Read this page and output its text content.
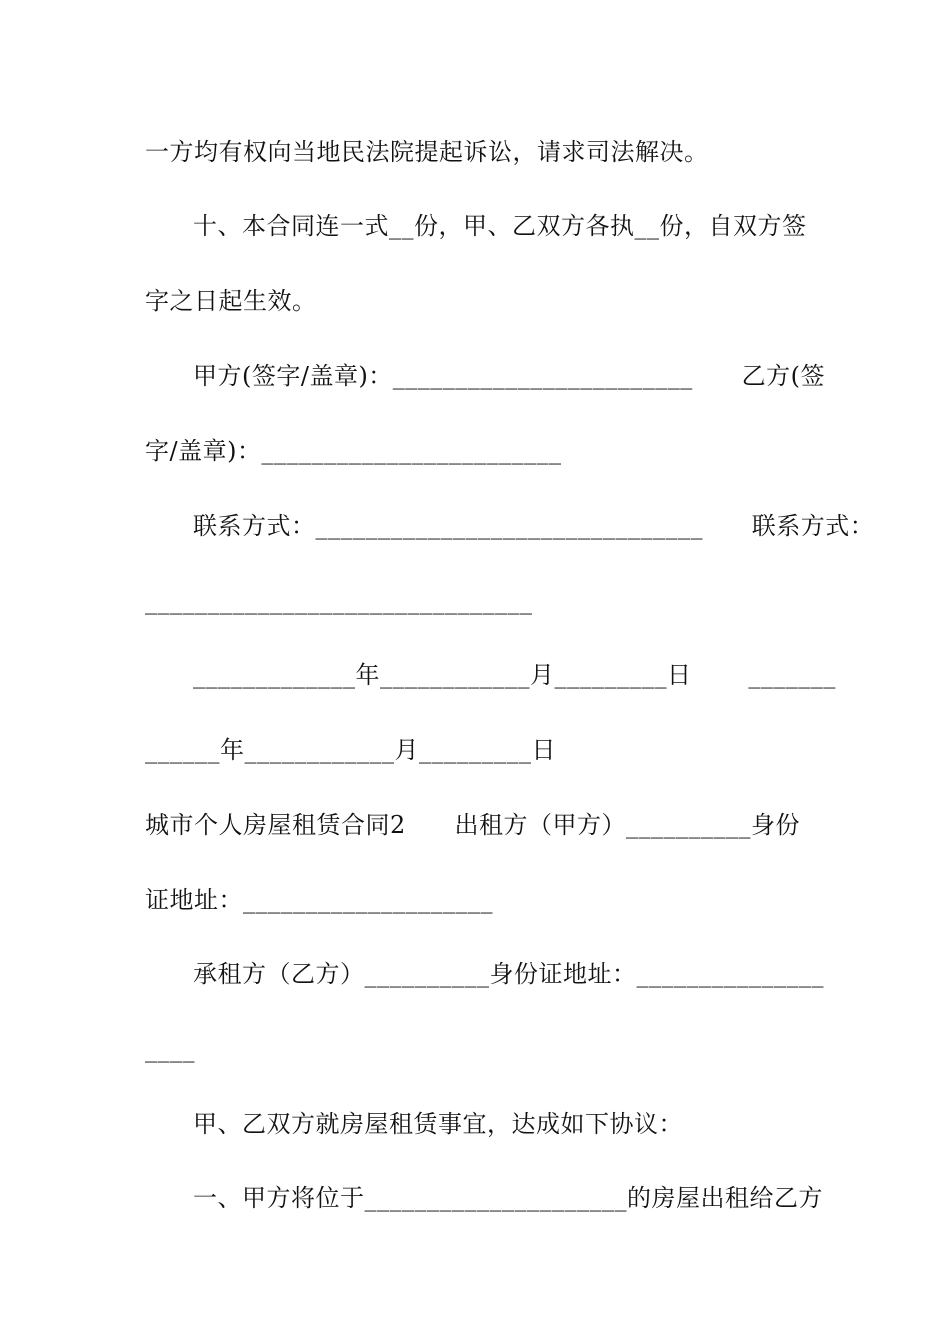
一方均有权向当地民法院提起诉讼，请求司法解决。
十、本合同连一式__份，甲、乙双方各执__份，自双方签
字之日起生效。
甲方(签字/盖章)：________________________      乙方(签
字/盖章)：________________________
联系方式：_______________________________      联系方式：
_______________________________
_____________年____________月_________日       _______
______年____________月_________日
城市个人房屋租赁合同2      出租方（甲方）__________身份
证地址：____________________
承租方（乙方）__________身份证地址：_______________
____
甲、乙双方就房屋租赁事宜，达成如下协议：
一、甲方将位于_____________________的房屋出租给乙方
